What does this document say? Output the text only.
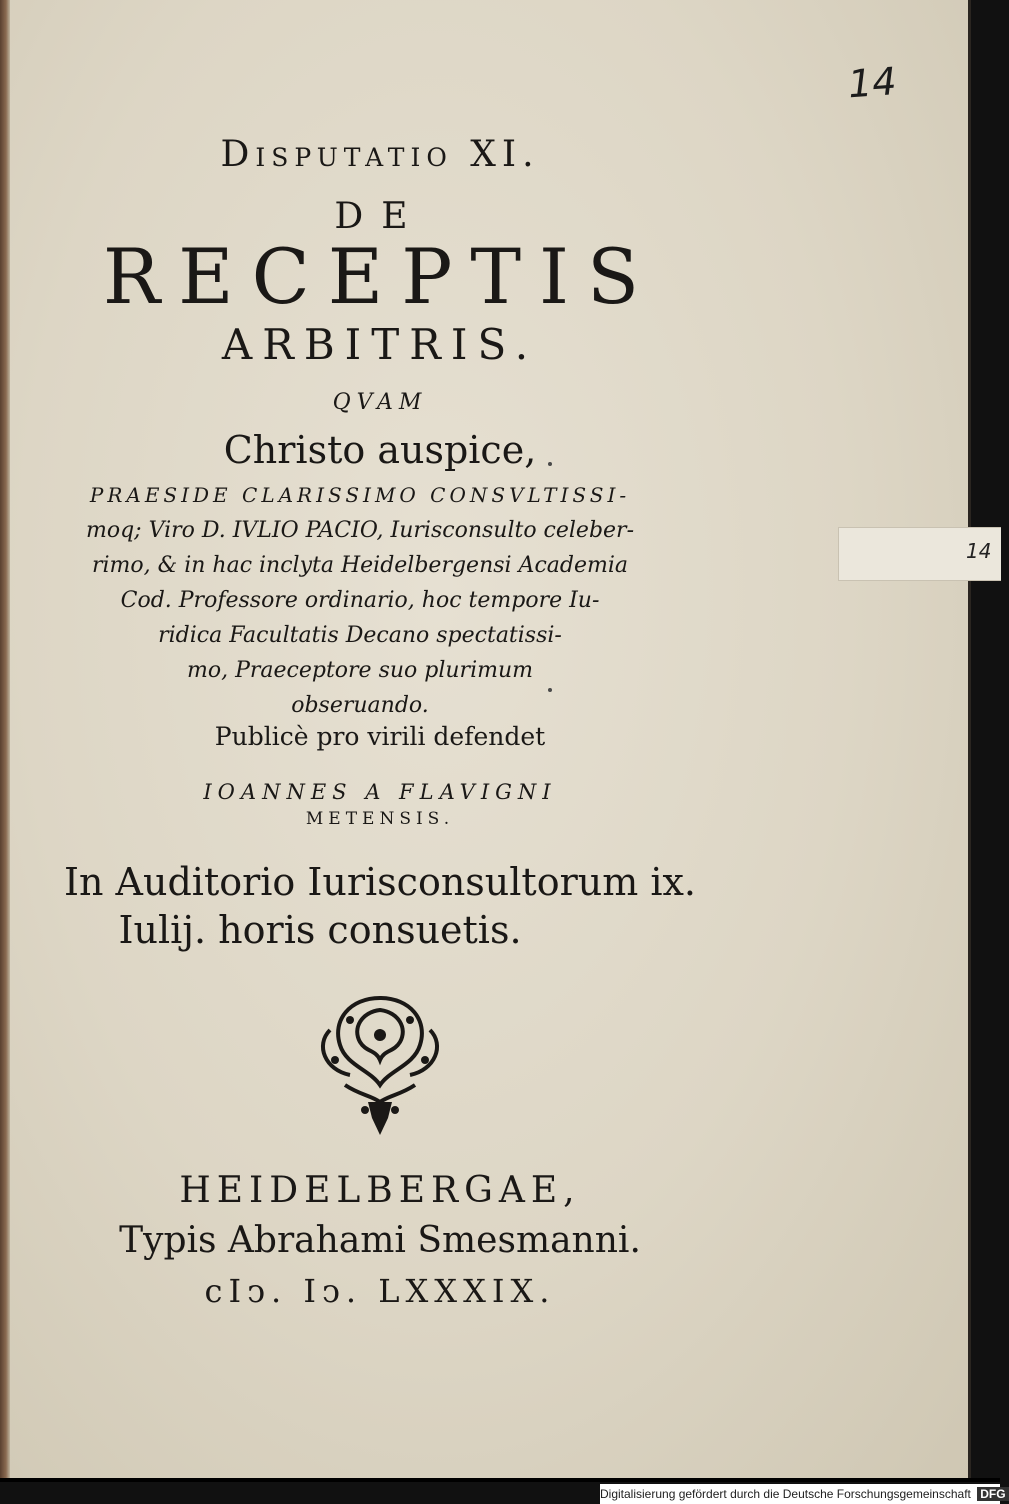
14
Disputatio XI.
DE
RECEPTIS
ARBITRIS.
QVAM
Christo auspice,
PRAESIDE CLARISSIMO CONSVLTISSI-
moq; Viro D. IVLIO PACIO, Iurisconsulto celeber-
rimo, & in hac inclyta Heidelbergensi Academia
Cod. Professore ordinario, hoc tempore Iu-
ridica Facultatis Decano spectatissi-
mo, Praeceptore suo plurimum
obseruando.
Publicè pro virili defendet
IOANNES A FLAVIGNI
METENSIS.
In Auditorio Iurisconsultorum ix.
Iulij. horis consuetis.
HEIDELBERGAE,
Typis Abrahami Smesmanni.
cIↄ. Iↄ. LXXXIX.
14
Digitalisierung gefördert durch die Deutsche Forschungsgemeinschaft DFG
